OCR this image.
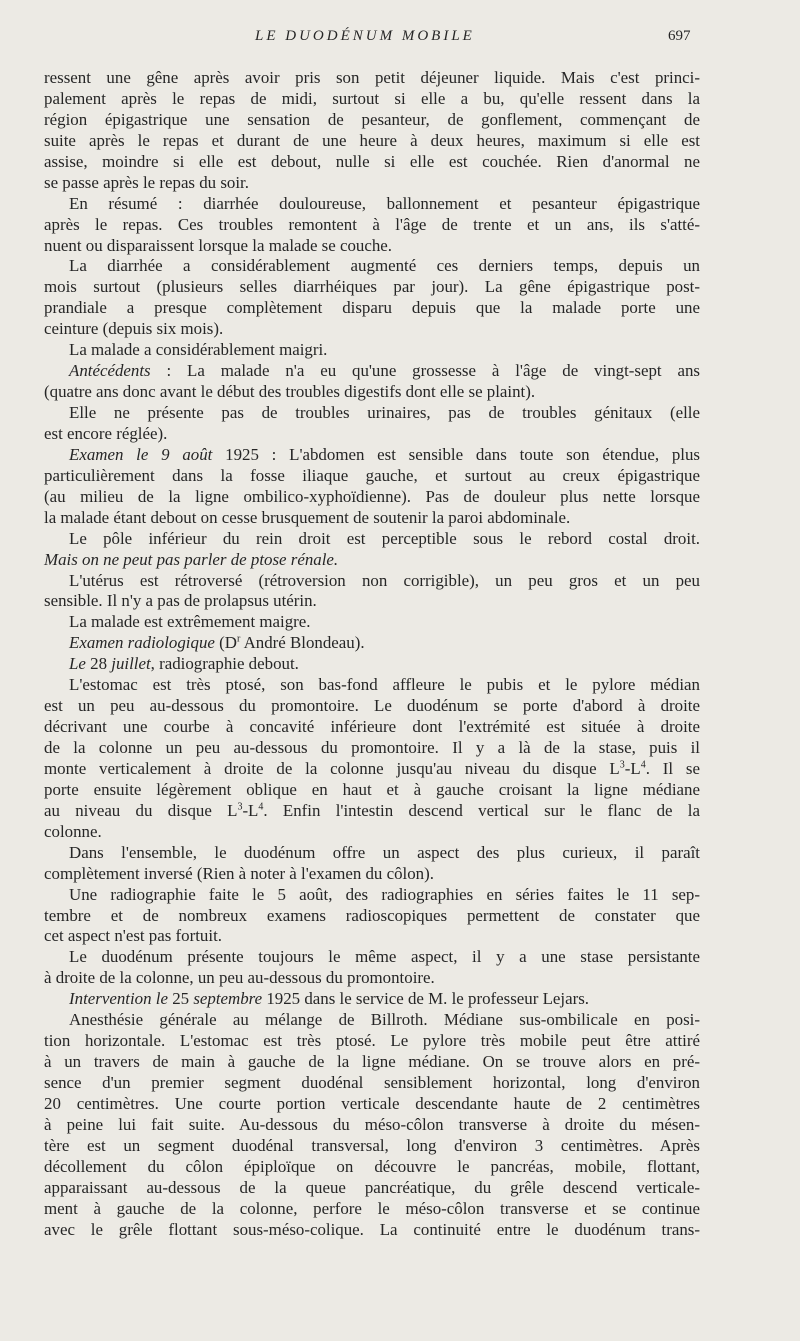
LE DUODÉNUM MOBILE	697
ressent une gêne après avoir pris son petit déjeuner liquide. Mais c'est princi-
palement après le repas de midi, surtout si elle a bu, qu'elle ressent dans la
région épigastrique une sensation de pesanteur, de gonflement, commençant de
suite après le repas et durant de une heure à deux heures, maximum si elle est
assise, moindre si elle est debout, nulle si elle est couchée. Rien d'anormal ne
se passe après le repas du soir.
En résumé : diarrhée douloureuse, ballonnement et pesanteur épigastrique
après le repas. Ces troubles remontent à l'âge de trente et un ans, ils s'atté-
nuent ou disparaissent lorsque la malade se couche.
La diarrhée a considérablement augmenté ces derniers temps, depuis un
mois surtout (plusieurs selles diarrhéiques par jour). La gêne épigastrique post-
prandiale a presque complètement disparu depuis que la malade porte une
ceinture (depuis six mois).
La malade a considérablement maigri.
Antécédents : La malade n'a eu qu'une grossesse à l'âge de vingt-sept ans
(quatre ans donc avant le début des troubles digestifs dont elle se plaint).
Elle ne présente pas de troubles urinaires, pas de troubles génitaux (elle
est encore réglée).
Examen le 9 août 1925 : L'abdomen est sensible dans toute son étendue, plus
particulièrement dans la fosse iliaque gauche, et surtout au creux épigastrique
(au milieu de la ligne ombilico-xyphoïdienne). Pas de douleur plus nette lorsque
la malade étant debout on cesse brusquement de soutenir la paroi abdominale.
Le pôle inférieur du rein droit est perceptible sous le rebord costal droit.
Mais on ne peut pas parler de ptose rénale.
L'utérus est rétroversé (rétroversion non corrigible), un peu gros et un peu
sensible. Il n'y a pas de prolapsus utérin.
La malade est extrêmement maigre.
Examen radiologique ($D^r$ André Blondeau).
Le 28 juillet, radiographie debout.
L'estomac est très ptosé, son bas-fond affleure le pubis et le pylore médian
est un peu au-dessous du promontoire. Le duodénum se porte d'abord à droite
décrivant une courbe à concavité inférieure dont l'extrémité est située à droite
de la colonne un peu au-dessous du promontoire. Il y a là de la stase, puis il
monte verticalement à droite de la colonne jusqu'au niveau du disque $L^3-L^4$. Il se
porte ensuite légèrement oblique en haut et à gauche croisant la ligne médiane
au niveau du disque $L^3-L^4$. Enfin l'intestin descend vertical sur le flanc de la
colonne.
Dans l'ensemble, le duodénum offre un aspect des plus curieux, il paraît
complètement inversé (Rien à noter à l'examen du côlon).
Une radiographie faite le 5 août, des radiographies en séries faites le 11 sep-
tembre et de nombreux examens radioscopiques permettent de constater que
cet aspect n'est pas fortuit.
Le duodénum présente toujours le même aspect, il y a une stase persistante
à droite de la colonne, un peu au-dessous du promontoire.
Intervention le 25 septembre 1925 dans le service de M. le professeur Lejars.
Anesthésie générale au mélange de Billroth. Médiane sus-ombilicale en posi-
tion horizontale. L'estomac est très ptosé. Le pylore très mobile peut être attiré
à un travers de main à gauche de la ligne médiane. On se trouve alors en pré-
sence d'un premier segment duodénal sensiblement horizontal, long d'environ
20 centimètres. Une courte portion verticale descendante haute de 2 centimètres
à peine lui fait suite. Au-dessous du méso-côlon transverse à droite du mésen-
tère est un segment duodénal transversal, long d'environ 3 centimètres. Après
décollement du côlon épiploïque on découvre le pancréas, mobile, flottant,
apparaissant au-dessous de la queue pancréatique, du grêle descend verticale-
ment à gauche de la colonne, perfore le méso-côlon transverse et se continue
avec le grêle flottant sous-méso-colique. La continuité entre le duodénum trans-
